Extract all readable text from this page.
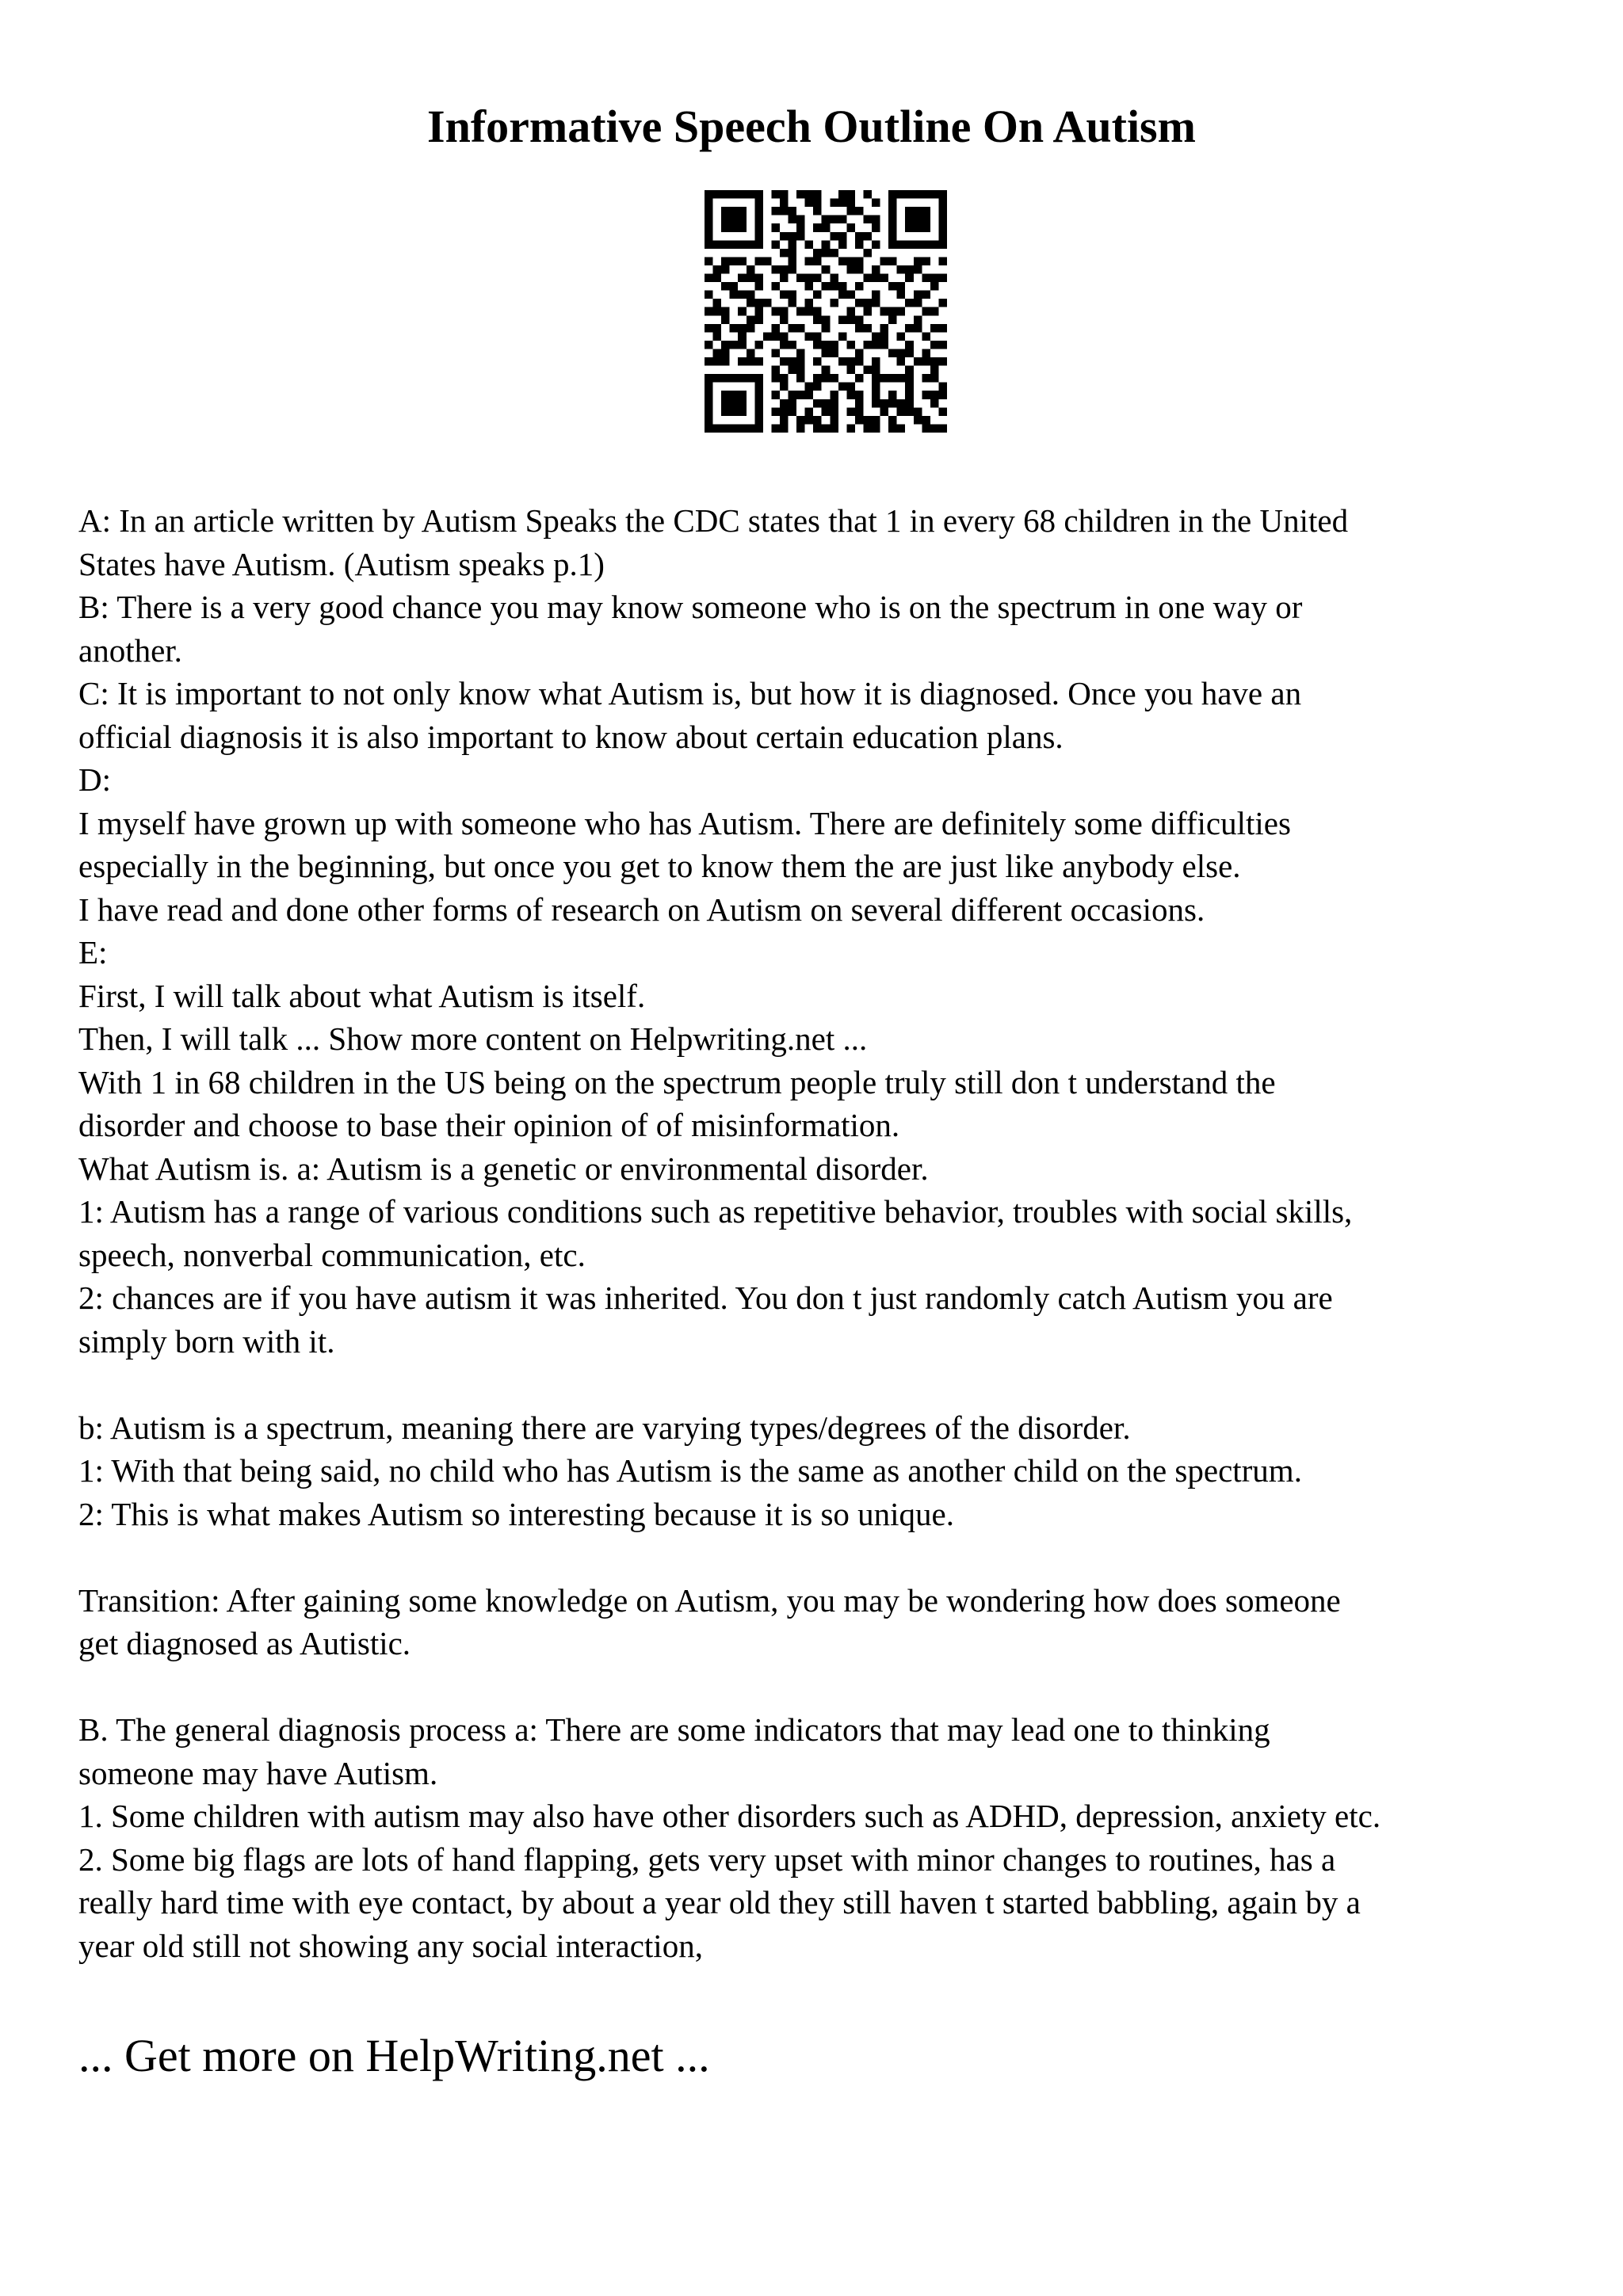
Informative Speech Outline On Autism
A: In an article written by Autism Speaks the CDC states that 1 in every 68 children in the United
States have Autism. (Autism speaks p.1)
B: There is a very good chance you may know someone who is on the spectrum in one way or
another.
C: It is important to not only know what Autism is, but how it is diagnosed. Once you have an
official diagnosis it is also important to know about certain education plans.
D:
I myself have grown up with someone who has Autism. There are definitely some difficulties
especially in the beginning, but once you get to know them the are just like anybody else.
I have read and done other forms of research on Autism on several different occasions.
E:
First, I will talk about what Autism is itself.
Then, I will talk ... Show more content on Helpwriting.net ...
With 1 in 68 children in the US being on the spectrum people truly still don t understand the
disorder and choose to base their opinion of of misinformation.
What Autism is. a: Autism is a genetic or environmental disorder.
1: Autism has a range of various conditions such as repetitive behavior, troubles with social skills,
speech, nonverbal communication, etc.
2: chances are if you have autism it was inherited. You don t just randomly catch Autism you are
simply born with it.
b: Autism is a spectrum, meaning there are varying types/degrees of the disorder.
1: With that being said, no child who has Autism is the same as another child on the spectrum.
2: This is what makes Autism so interesting because it is so unique.
Transition: After gaining some knowledge on Autism, you may be wondering how does someone
get diagnosed as Autistic.
B. The general diagnosis process a: There are some indicators that may lead one to thinking
someone may have Autism.
1. Some children with autism may also have other disorders such as ADHD, depression, anxiety etc.
2. Some big flags are lots of hand flapping, gets very upset with minor changes to routines, has a
really hard time with eye contact, by about a year old they still haven t started babbling, again by a
year old still not showing any social interaction,
... Get more on HelpWriting.net ...
